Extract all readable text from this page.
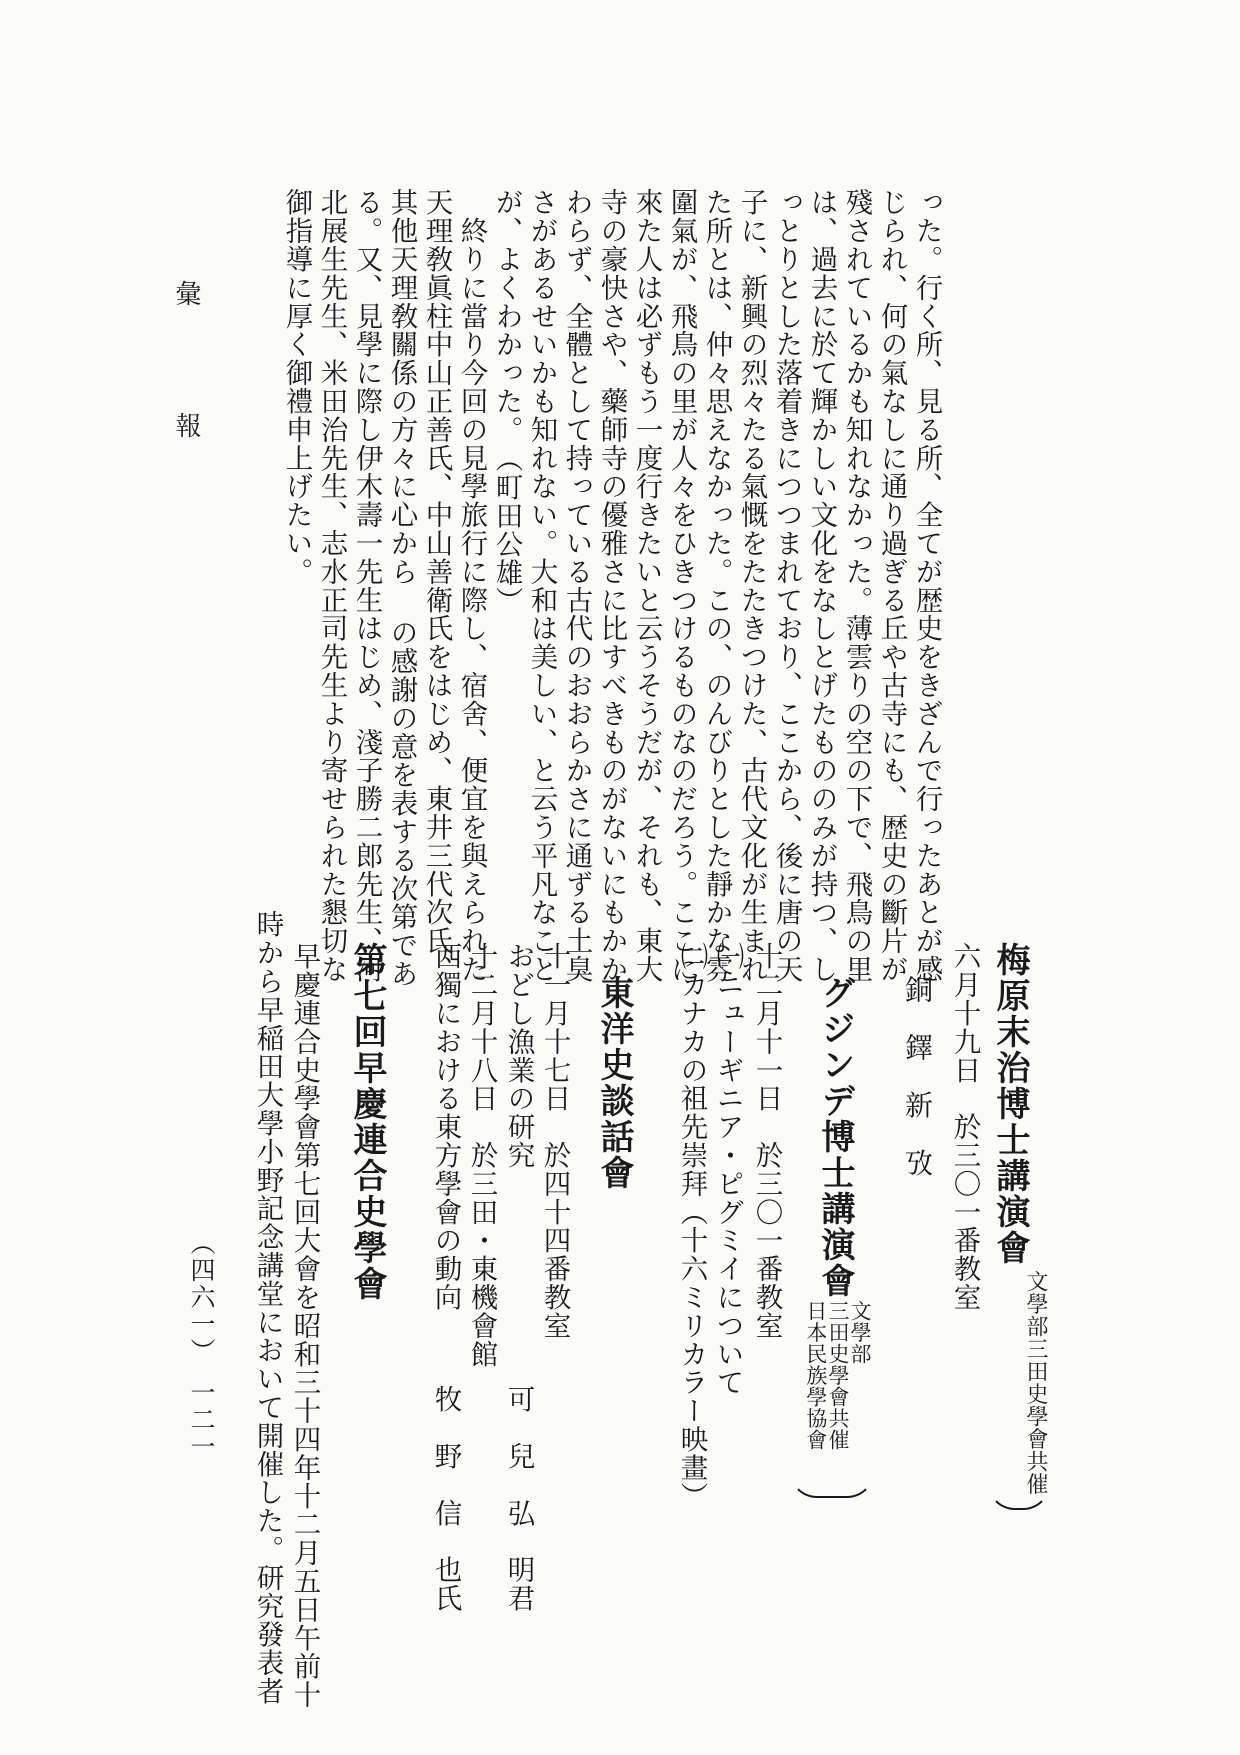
彙
報	った。行く所、見る所、全てが歴史をきざんで行ったあとが感
じられ、何の氣なしに通り過ぎる丘や古寺にも、歴史の斷片が
殘されているかも知れなかった。薄雲りの空の下で、飛鳥の里
は、過去に於て輝かしい文化をなしとげたもののみが持つ、し
っとりとした落着きにつつまれており、ここから、後に唐の天
子に、新興の烈々たる氣慨をたたきつけた、古代文化が生まれ
た所とは、仲々思えなかった。この、のんびりとした靜かな雰
圍氣が、飛鳥の里が人々をひきつけるものなのだろう。ここに
來た人は必ずもう一度行きたいと云うそうだが、それも、東大
寺の豪快さや、藥師寺の優雅さに比すべきものがないにもかか
わらず、全體として持っている古代のおおらかさに通ずる土臭
さがあるせいかも知れない。大和は美しい、と云う平凡なこと
が、よくわかった。　（町田公雄）
　終りに當り今回の見學旅行に際し、宿舍、便宜を與えられた
天理敎眞柱中山正善氏、中山善衛氏をはじめ、東井三代次氏、
其他天理敎關係の方々に心から の感謝の意を表する次第であ
る。又、見學に際し伊木壽一先生はじめ、淺子勝二郎先生、河
北展生先生、米田治先生、志水正司先生より寄せられた懇切な
御指導に厚く御禮申上げたい。
梅原末治博士講演會
文學部三田史學會共催
六月十九日　於三〇一番教室
銅　鐸　新　攷
グジンデ博士講演會
文學部
三田史學會共催
日本民族學協會
十二月十一日　於三〇一番教室
㈠ニューギニア・ピグミイについて
㈡カナカの祖先崇拜（十六ミリカラー映畫）
東洋史談話會
十一月十七日　於四十四番教室
おどし漁業の研究
可　兒　弘　明君
十二月十八日　於三田・東機會館
西獨における東方學會の動向
牧　野　信　也氏
第七回早慶連合史學會
早慶連合史學會第七回大會を昭和三十四年十二月五日午前十
時から早稲田大學小野記念講堂において開催した。研究發表者
（四六一）　一二一
